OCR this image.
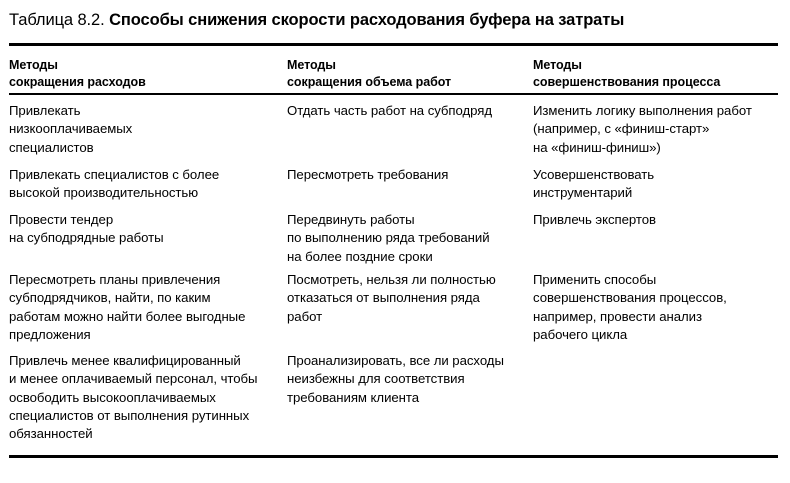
Таблица 8.2. Способы снижения скорости расходования буфера на затраты
Методы
сокращения расходов
Методы
сокращения объема работ
Методы
совершенствования процесса
Привлекать
низкооплачиваемых
специалистов
Отдать часть работ на субподряд	Изменить логику выполнения работ
(например, с «финиш-старт»
на «финиш-финиш»)
Привлекать специалистов с более
высокой производительностью
Пересмотреть требования	Усовершенствовать
инструментарий
Провести тендер
на субподрядные работы
Передвинуть работы
по выполнению ряда требований
на более поздние сроки
Привлечь экспертов
Пересмотреть планы привлечения
субподрядчиков, найти, по каким
работам можно найти более выгодные
предложения
Посмотреть, нельзя ли полностью
отказаться от выполнения ряда
работ
Применить способы
совершенствования процессов,
например, провести анализ
рабочего цикла
Привлечь менее квалифицированный
и менее оплачиваемый персонал, чтобы
освободить высокооплачиваемых
специалистов от выполнения рутинных
обязанностей
Проанализировать, все ли расходы
неизбежны для соответствия
требованиям клиента
